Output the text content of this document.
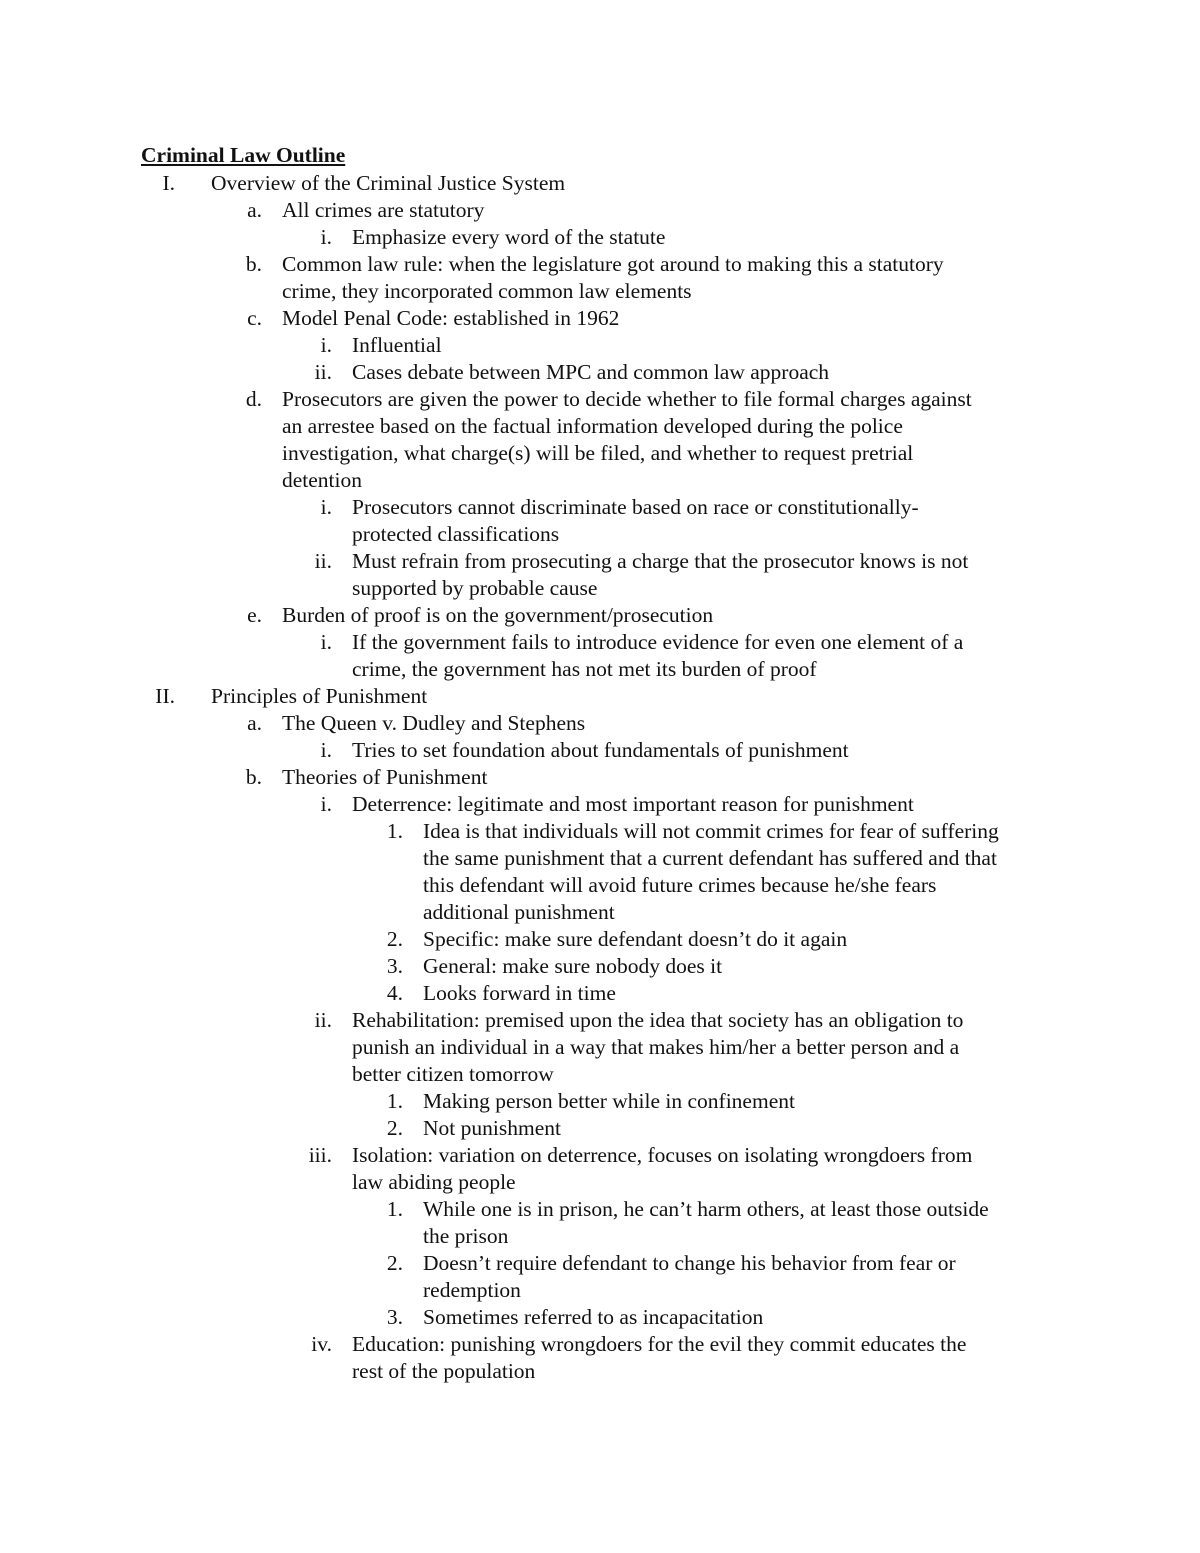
Criminal Law Outline
I. Overview of the Criminal Justice System
a. All crimes are statutory
i. Emphasize every word of the statute
b. Common law rule: when the legislature got around to making this a statutory
crime, they incorporated common law elements
c. Model Penal Code: established in 1962
i. Influential
ii. Cases debate between MPC and common law approach
d. Prosecutors are given the power to decide whether to file formal charges against
an arrestee based on the factual information developed during the police
investigation, what charge(s) will be filed, and whether to request pretrial
detention
i. Prosecutors cannot discriminate based on race or constitutionally-
protected classifications
ii. Must refrain from prosecuting a charge that the prosecutor knows is not
supported by probable cause
e. Burden of proof is on the government/prosecution
i. If the government fails to introduce evidence for even one element of a
crime, the government has not met its burden of proof
II. Principles of Punishment
a. The Queen v. Dudley and Stephens
i. Tries to set foundation about fundamentals of punishment
b. Theories of Punishment
i. Deterrence: legitimate and most important reason for punishment
1. Idea is that individuals will not commit crimes for fear of suffering
the same punishment that a current defendant has suffered and that
this defendant will avoid future crimes because he/she fears
additional punishment
2. Specific: make sure defendant doesn’t do it again
3. General: make sure nobody does it
4. Looks forward in time
ii. Rehabilitation: premised upon the idea that society has an obligation to
punish an individual in a way that makes him/her a better person and a
better citizen tomorrow
1. Making person better while in confinement
2. Not punishment
iii. Isolation: variation on deterrence, focuses on isolating wrongdoers from
law abiding people
1. While one is in prison, he can’t harm others, at least those outside
the prison
2. Doesn’t require defendant to change his behavior from fear or
redemption
3. Sometimes referred to as incapacitation
iv. Education: punishing wrongdoers for the evil they commit educates the
rest of the population
